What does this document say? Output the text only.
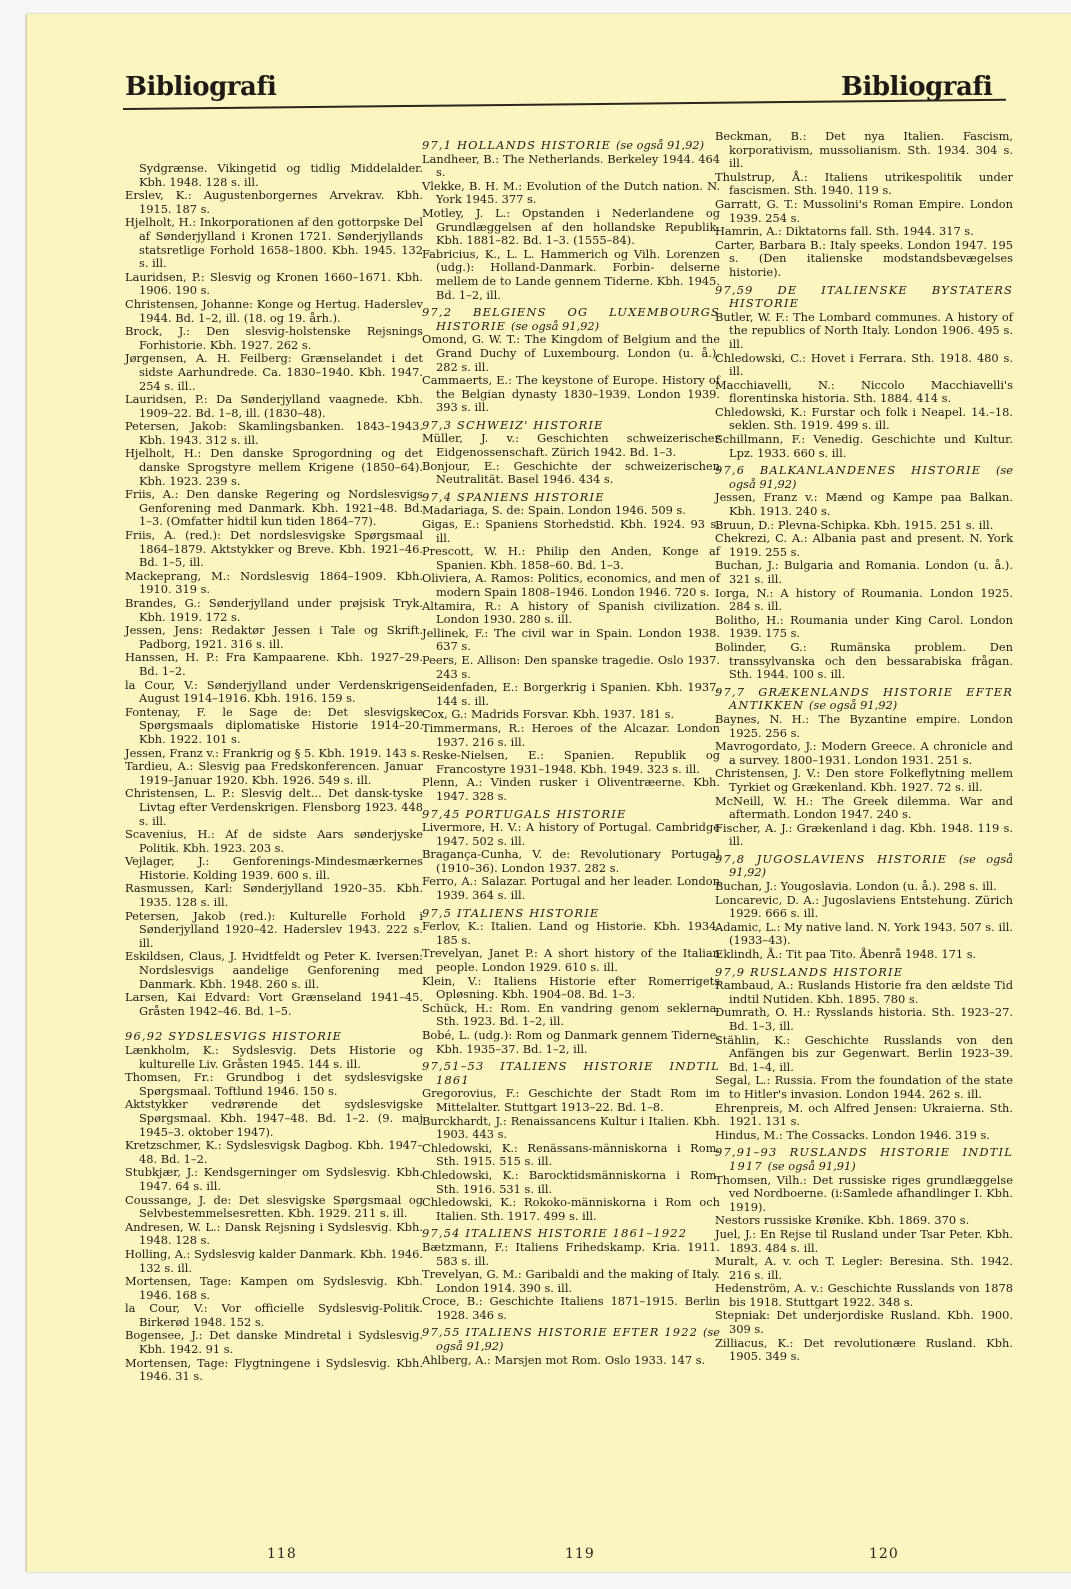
Bibliografi	Bibliografi
Sydgrænse. Vikingetid og tidlig Middelalder. Kbh. 1948. 128 s. ill.
Erslev, K.: Augustenborgernes Arvekrav. Kbh. 1915. 187 s.
Hjelholt, H.: Inkorporationen af den gottorpske Del af Sønderjylland i Kronen 1721. Sønderjyllands statsretlige Forhold 1658–1800. Kbh. 1945. 132 s. ill.
Lauridsen, P.: Slesvig og Kronen 1660–1671. Kbh. 1906. 190 s.
Christensen, Johanne: Konge og Hertug. Haderslev 1944. Bd. 1–2, ill. (18. og 19. årh.).
Brock, J.: Den slesvig-holstenske Rejsnings Forhistorie. Kbh. 1927. 262 s.
Jørgensen, A. H. Feilberg: Grænselandet i det sidste Aarhundrede. Ca. 1830–1940. Kbh. 1947. 254 s. ill..
Lauridsen, P.: Da Sønderjylland vaagnede. Kbh. 1909–22. Bd. 1–8, ill. (1830–48).
Petersen, Jakob: Skamlingsbanken. 1843–1943. Kbh. 1943. 312 s. ill.
Hjelholt, H.: Den danske Sprogordning og det danske Sprogstyre mellem Krigene (1850–64). Kbh. 1923. 239 s.
Friis, A.: Den danske Regering og Nordslesvigs Genforening med Danmark. Kbh. 1921–48. Bd. 1–3. (Omfatter hidtil kun tiden 1864–77).
Friis, A. (red.): Det nordslesvigske Spørgsmaal 1864–1879. Aktstykker og Breve. Kbh. 1921–46. Bd. 1–5, ill.
Mackeprang, M.: Nordslesvig 1864–1909. Kbh. 1910. 319 s.
Brandes, G.: Sønderjylland under prøjsisk Tryk. Kbh. 1919. 172 s.
Jessen, Jens: Redaktør Jessen i Tale og Skrift. Padborg, 1921. 316 s. ill.
Hanssen, H. P.: Fra Kampaarene. Kbh. 1927–29. Bd. 1–2.
la Cour, V.: Sønderjylland under Verdenskrigen August 1914–1916. Kbh. 1916. 159 s.
Fontenay, F. le Sage de: Det slesvigske Spørgsmaals diplomatiske Historie 1914–20. Kbh. 1922. 101 s.
Jessen, Franz v.: Frankrig og § 5. Kbh. 1919. 143 s.
Tardieu, A.: Slesvig paa Fredskonferencen. Januar 1919–Januar 1920. Kbh. 1926. 549 s. ill.
Christensen, L. P.: Slesvig delt... Det dansk-tyske Livtag efter Verdenskrigen. Flensborg 1923. 448 s. ill.
Scavenius, H.: Af de sidste Aars sønderjyske Politik. Kbh. 1923. 203 s.
Vejlager, J.: Genforenings-Mindesmærkernes Historie. Kolding 1939. 600 s. ill.
Rasmussen, Karl: Sønderjylland 1920–35. Kbh. 1935. 128 s. ill.
Petersen, Jakob (red.): Kulturelle Forhold i Sønderjylland 1920–42. Haderslev 1943. 222 s. ill.
Eskildsen, Claus, J. Hvidtfeldt og Peter K. Iversen: Nordslesvigs aandelige Genforening med Danmark. Kbh. 1948. 260 s. ill.
Larsen, Kai Edvard: Vort Grænseland 1941–45. Gråsten 1942–46. Bd. 1–5.
96,92 SYDSLESVIGS HISTORIE
Lænkholm, K.: Sydslesvig. Dets Historie og kulturelle Liv. Gråsten 1945. 144 s. ill.
Thomsen, Fr.: Grundbog i det sydslesvigske Spørgsmaal. Toftlund 1946. 150 s.
Aktstykker vedrørende det sydslesvigske Spørgsmaal. Kbh. 1947–48. Bd. 1–2. (9. maj 1945–3. oktober 1947).
Kretzschmer, K.: Sydslesvigsk Dagbog. Kbh. 1947–48. Bd. 1–2.
Stubkjær, J.: Kendsgerninger om Sydslesvig. Kbh. 1947. 64 s. ill.
Coussange, J. de: Det slesvigske Spørgsmaal og Selvbestemmelsesretten. Kbh. 1929. 211 s. ill.
Andresen, W. L.: Dansk Rejsning i Sydslesvig. Kbh. 1948. 128 s.
Holling, A.: Sydslesvig kalder Danmark. Kbh. 1946. 132 s. ill.
Mortensen, Tage: Kampen om Sydslesvig. Kbh. 1946. 168 s.
la Cour, V.: Vor officielle Sydslesvig-Politik. Birkerød 1948. 152 s.
Bogensee, J.: Det danske Mindretal i Sydslesvig. Kbh. 1942. 91 s.
Mortensen, Tage: Flygtningene i Sydslesvig. Kbh. 1946. 31 s.
97,1 HOLLANDS HISTORIE (se også 91,92)
Landheer, B.: The Netherlands. Berkeley 1944. 464 s.
Vlekke, B. H. M.: Evolution of the Dutch nation. N. York 1945. 377 s.
Motley, J. L.: Opstanden i Nederlandene og Grundlæggelsen af den hollandske Republik. Kbh. 1881–82. Bd. 1–3. (1555–84).
Fabricius, K., L. L. Hammerich og Vilh. Lorenzen (udg.): Holland-Danmark. Forbin- delserne mellem de to Lande gennem Tiderne. Kbh. 1945. Bd. 1–2, ill.
97,2 BELGIENS OG LUXEMBOURGS HISTORIE (se også 91,92)
Omond, G. W. T.: The Kingdom of Belgium and the Grand Duchy of Luxembourg. London (u. å.). 282 s. ill.
Cammaerts, E.: The keystone of Europe. History of the Belgian dynasty 1830–1939. London 1939. 393 s. ill.
97,3 SCHWEIZ' HISTORIE
Müller, J. v.: Geschichten schweizerischer Eidgenossenschaft. Zürich 1942. Bd. 1–3.
Bonjour, E.: Geschichte der schweizerischen Neutralität. Basel 1946. 434 s.
97,4 SPANIENS HISTORIE
Madariaga, S. de: Spain. London 1946. 509 s.
Gigas, E.: Spaniens Storhedstid. Kbh. 1924. 93 s. ill.
Prescott, W. H.: Philip den Anden, Konge af Spanien. Kbh. 1858–60. Bd. 1–3.
Oliviera, A. Ramos: Politics, economics, and men of modern Spain 1808–1946. London 1946. 720 s.
Altamira, R.: A history of Spanish civilization. London 1930. 280 s. ill.
Jellinek, F.: The civil war in Spain. London 1938. 637 s.
Peers, E. Allison: Den spanske tragedie. Oslo 1937. 243 s.
Seidenfaden, E.: Borgerkrig i Spanien. Kbh. 1937. 144 s. ill.
Cox, G.: Madrids Forsvar. Kbh. 1937. 181 s.
Timmermans, R.: Heroes of the Alcazar. London 1937. 216 s. ill.
Reske-Nielsen, E.: Spanien. Republik og Francostyre 1931–1948. Kbh. 1949. 323 s. ill.
Plenn, A.: Vinden rusker i Oliventræerne. Kbh. 1947. 328 s.
97,45 PORTUGALS HISTORIE
Livermore, H. V.: A history of Portugal. Cambridge 1947. 502 s. ill.
Bragança-Cunha, V. de: Revolutionary Portugal (1910–36). London 1937. 282 s.
Ferro, A.: Salazar. Portugal and her leader. London 1939. 364 s. ill.
97,5 ITALIENS HISTORIE
Ferlov, K.: Italien. Land og Historie. Kbh. 1934. 185 s.
Trevelyan, Janet P.: A short history of the Italian people. London 1929. 610 s. ill.
Klein, V.: Italiens Historie efter Romerrigets Opløsning. Kbh. 1904–08. Bd. 1–3.
Schück, H.: Rom. En vandring genom seklerna. Sth. 1923. Bd. 1–2, ill.
Bobé, L. (udg.): Rom og Danmark gennem Tiderne. Kbh. 1935–37. Bd. 1–2, ill.
97,51–53 ITALIENS HISTORIE INDTIL 1861
Gregorovius, F.: Geschichte der Stadt Rom im Mittelalter. Stuttgart 1913–22. Bd. 1–8.
Burckhardt, J.: Renaissancens Kultur i Italien. Kbh. 1903. 443 s.
Chledowski, K.: Renässans-människorna i Rom. Sth. 1915. 515 s. ill.
Chledowski, K.: Barocktidsmänniskorna i Rom. Sth. 1916. 531 s. ill.
Chledowski, K.: Rokoko-människorna i Rom och Italien. Sth. 1917. 499 s. ill.
97,54 ITALIENS HISTORIE 1861–1922
Bætzmann, F.: Italiens Frihedskamp. Kria. 1911. 583 s. ill.
Trevelyan, G. M.: Garibaldi and the making of Italy. London 1914. 390 s. ill.
Croce, B.: Geschichte Italiens 1871–1915. Berlin 1928. 346 s.
97,55 ITALIENS HISTORIE EFTER 1922 (se også 91,92)
Ahlberg, A.: Marsjen mot Rom. Oslo 1933. 147 s.
Beckman, B.: Det nya Italien. Fascism, korporativism, mussolianism. Sth. 1934. 304 s. ill.
Thulstrup, Å.: Italiens utrikespolitik under fascismen. Sth. 1940. 119 s.
Garratt, G. T.: Mussolini's Roman Empire. London 1939. 254 s.
Hamrin, A.: Diktatorns fall. Sth. 1944. 317 s.
Carter, Barbara B.: Italy speeks. London 1947. 195 s. (Den italienske modstandsbevægelses historie).
97,59 DE ITALIENSKE BYSTATERS HISTORIE
Butler, W. F.: The Lombard communes. A history of the republics of North Italy. London 1906. 495 s. ill.
Chledowski, C.: Hovet i Ferrara. Sth. 1918. 480 s. ill.
Macchiavelli, N.: Niccolo Macchiavelli's florentinska historia. Sth. 1884. 414 s.
Chledowski, K.: Furstar och folk i Neapel. 14.–18. seklen. Sth. 1919. 499 s. ill.
Schillmann, F.: Venedig. Geschichte und Kultur. Lpz. 1933. 660 s. ill.
97,6 BALKANLANDENES HISTORIE (se også 91,92)
Jessen, Franz v.: Mænd og Kampe paa Balkan. Kbh. 1913. 240 s.
Bruun, D.: Plevna-Schipka. Kbh. 1915. 251 s. ill.
Chekrezi, C. A.: Albania past and present. N. York 1919. 255 s.
Buchan, J.: Bulgaria and Romania. London (u. å.). 321 s. ill.
Iorga, N.: A history of Roumania. London 1925. 284 s. ill.
Bolitho, H.: Roumania under King Carol. London 1939. 175 s.
Bolinder, G.: Rumänska problem. Den transsylvanska och den bessarabiska frågan. Sth. 1944. 100 s. ill.
97,7 GRÆKENLANDS HISTORIE EFTER ANTIKKEN (se også 91,92)
Baynes, N. H.: The Byzantine empire. London 1925. 256 s.
Mavrogordato, J.: Modern Greece. A chronicle and a survey. 1800–1931. London 1931. 251 s.
Christensen, J. V.: Den store Folkeflytning mellem Tyrkiet og Grækenland. Kbh. 1927. 72 s. ill.
McNeill, W. H.: The Greek dilemma. War and aftermath. London 1947. 240 s.
Fischer, A. J.: Grækenland i dag. Kbh. 1948. 119 s. ill.
97,8 JUGOSLAVIENS HISTORIE (se også 91,92)
Buchan, J.: Yougoslavia. London (u. å.). 298 s. ill.
Loncarevic, D. A.: Jugoslaviens Entstehung. Zürich 1929. 666 s. ill.
Adamic, L.: My native land. N. York 1943. 507 s. ill. (1933–43).
Eklindh, Å.: Tit paa Tito. Åbenrå 1948. 171 s.
97,9 RUSLANDS HISTORIE
Rambaud, A.: Ruslands Historie fra den ældste Tid indtil Nutiden. Kbh. 1895. 780 s.
Dumrath, O. H.: Rysslands historia. Sth. 1923–27. Bd. 1–3, ill.
Stählin, K.: Geschichte Russlands von den Anfängen bis zur Gegenwart. Berlin 1923–39. Bd. 1–4, ill.
Segal, L.: Russia. From the foundation of the state to Hitler's invasion. London 1944. 262 s. ill.
Ehrenpreis, M. och Alfred Jensen: Ukraierna. Sth. 1921. 131 s.
Hindus, M.: The Cossacks. London 1946. 319 s.
97,91–93 RUSLANDS HISTORIE INDTIL 1917 (se også 91,91)
Thomsen, Vilh.: Det russiske riges grundlæggelse ved Nordboerne. (i:Samlede afhandlinger I. Kbh. 1919).
Nestors russiske Krønike. Kbh. 1869. 370 s.
Juel, J.: En Rejse til Rusland under Tsar Peter. Kbh. 1893. 484 s. ill.
Muralt, A. v. och T. Legler: Beresina. Sth. 1942. 216 s. ill.
Hedenström, A. v.: Geschichte Russlands von 1878 bis 1918. Stuttgart 1922. 348 s.
Stepniak: Det underjordiske Rusland. Kbh. 1900. 309 s.
Zilliacus, K.: Det revolutionære Rusland. Kbh. 1905. 349 s.
118	119	120
